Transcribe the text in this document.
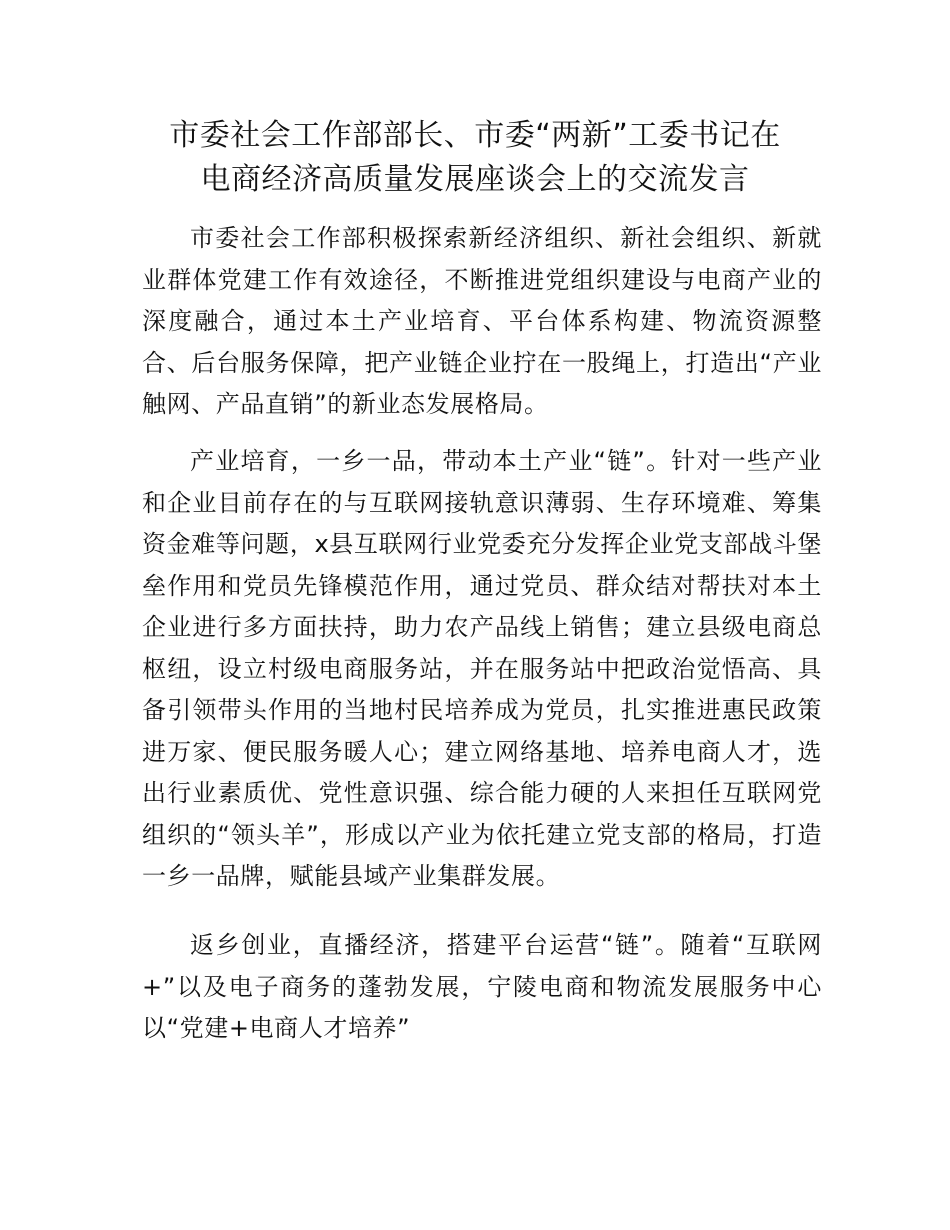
市委社会工作部部长、市委“两新”工委书记在
电商经济高质量发展座谈会上的交流发言

市委社会工作部积极探索新经济组织、新社会组织、新就业群体党建工作有效途径，不断推进党组织建设与电商产业的深度融合，通过本土产业培育、平台体系构建、物流资源整合、后台服务保障，把产业链企业拧在一股绳上，打造出“产业触网、产品直销”的新业态发展格局。

产业培育，一乡一品，带动本土产业“链”。针对一些产业和企业目前存在的与互联网接轨意识薄弱、生存环境难、筹集资金难等问题，x县互联网行业党委充分发挥企业党支部战斗堡垒作用和党员先锋模范作用，通过党员、群众结对帮扶对本土企业进行多方面扶持，助力农产品线上销售；建立县级电商总枢纽，设立村级电商服务站，并在服务站中把政治觉悟高、具备引领带头作用的当地村民培养成为党员，扎实推进惠民政策进万家、便民服务暖人心；建立网络基地、培养电商人才，选出行业素质优、党性意识强、综合能力硬的人来担任互联网党组织的“领头羊”，形成以产业为依托建立党支部的格局，打造一乡一品牌，赋能县域产业集群发展。

返乡创业，直播经济，搭建平台运营“链”。随着“互联网+”以及电子商务的蓬勃发展，宁陵电商和物流发展服务中心以“党建+电商人才培养”
